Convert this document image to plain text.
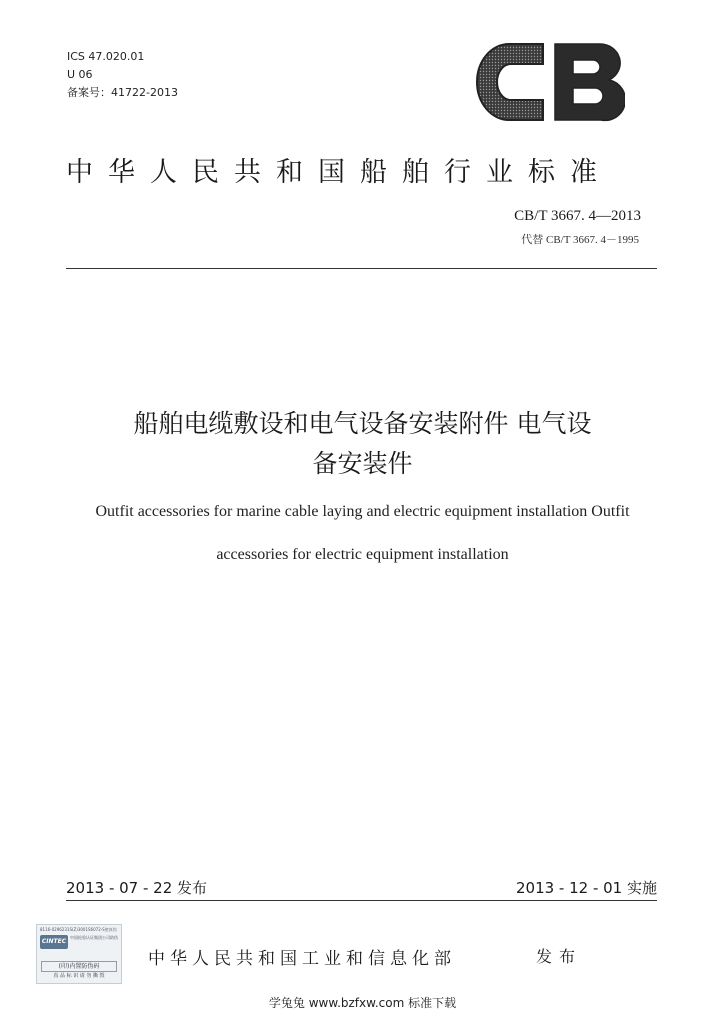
ICS 47.020.01
U 06
备案号：41722-2013
中华人民共和国船舶行业标准
CB/T 3667. 4—2013
代替 CB/T 3667. 4－1995
船舶电缆敷设和电气设备安装附件 电气设
备安装件
Outfit accessories for marine cable laying and electric equipment installation Outfit
accessories for electric equipment installation
2013 - 07 - 22 发布	2013 - 12 - 01 实施
8116-0296231S(Z)3001S6072-S密真伪
CINTEC
中国检验认证集团公司防伪
(印)内置防伪码
真 品 标 识 请 勿 撕 毁
中华人民共和国工业和信息化部	发布
学兔兔 www.bzfxw.com 标准下载
